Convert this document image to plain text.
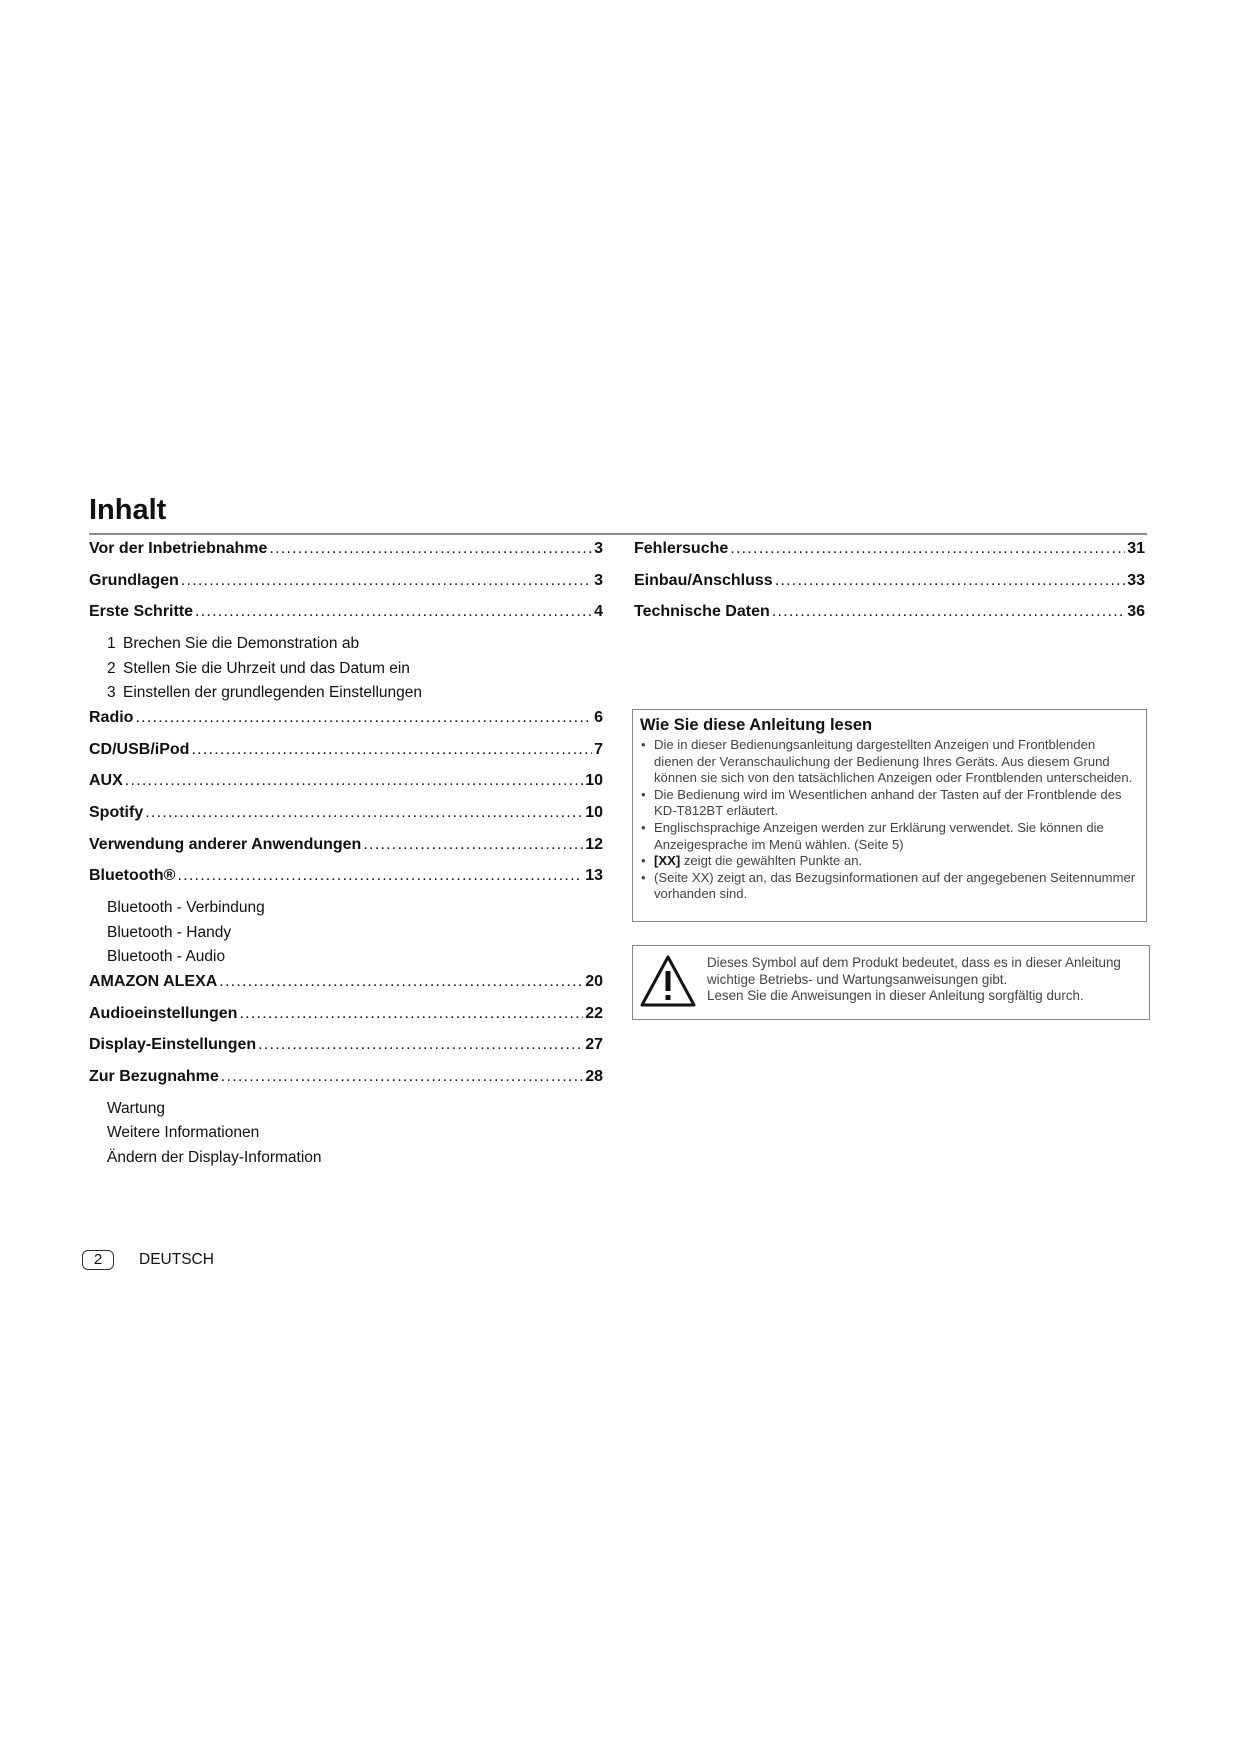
Inhalt
Vor der Inbetriebnahme . . .	3
Grundlagen . . .	3
Erste Schritte . . .	4
1 Brechen Sie die Demonstration ab
2 Stellen Sie die Uhrzeit und das Datum ein
3 Einstellen der grundlegenden Einstellungen
Radio . . .	6
CD/USB/iPod . . .	7
AUX . . .	10
Spotify . . .	10
Verwendung anderer Anwendungen . . .	12
Bluetooth® . . .	13
Bluetooth - Verbindung
Bluetooth - Handy
Bluetooth - Audio
AMAZON ALEXA . . .	20
Audioeinstellungen . . .	22
Display-Einstellungen . . .	27
Zur Bezugnahme . . .	28
Wartung
Weitere Informationen
Ändern der Display-Information
Fehlersuche . . .	31
Einbau/Anschluss . . .	33
Technische Daten . . .	36

Wie Sie diese Anleitung lesen

• Die in dieser Bedienungsanleitung dargestellten Anzeigen und Frontblenden dienen der Veranschaulichung der Bedienung Ihres Geräts. Aus diesem Grund können sie sich von den tatsächlichen Anzeigen oder Frontblenden unterscheiden.
• Die Bedienung wird im Wesentlichen anhand der Tasten auf der Frontblende des KD-T812BT erläutert.
• Englischsprachige Anzeigen werden zur Erklärung verwendet. Sie können die Anzeigesprache im Menü wählen. (Seite 5)
• [XX] zeigt die gewählten Punkte an.
• (Seite XX) zeigt an, das Bezugsinformationen auf der angegebenen Seitennummer vorhanden sind.

Dieses Symbol auf dem Produkt bedeutet, dass es in dieser Anleitung
wichtige Betriebs- und Wartungsanweisungen gibt.
Lesen Sie die Anweisungen in dieser Anleitung sorgfältig durch.

2	DEUTSCH
